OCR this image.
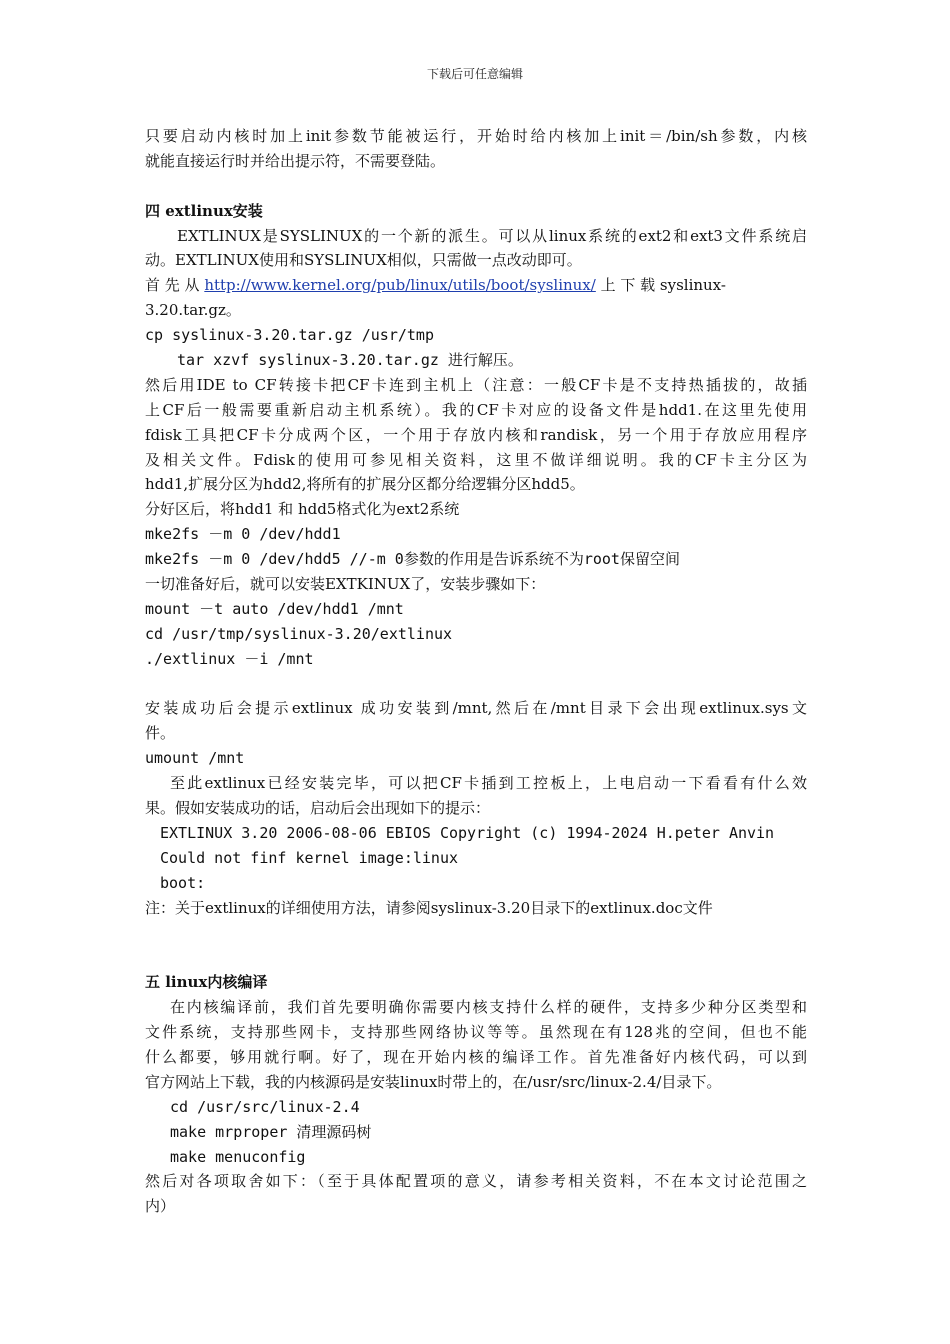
下载后可任意编辑
只要启动内核时加上init参数节能被运行，开始时给内核加上init＝/bin/sh参数，内核
就能直接运行时并给出提示符，不需要登陆。
四 extlinux安装
EXTLINUX是SYSLINUX的一个新的派生。可以从linux系统的ext2和ext3文件系统启
动。EXTLINUX使用和SYSLINUX相似，只需做一点改动即可。
首 先 从 http://www.kernel.org/pub/linux/utils/boot/syslinux/ 上 下 载 syslinux-
3.20.tar.gz。
cp syslinux-3.20.tar.gz /usr/tmp
tar xzvf syslinux-3.20.tar.gz 进行解压。
然后用IDE to CF转接卡把CF卡连到主机上（注意：一般CF卡是不支持热插拔的，故插
上CF后一般需要重新启动主机系统）。我的CF卡对应的设备文件是hdd1.在这里先使用
fdisk工具把CF卡分成两个区，一个用于存放内核和randisk，另一个用于存放应用程序
及相关文件。Fdisk的使用可参见相关资料，这里不做详细说明。我的CF卡主分区为
hdd1,扩展分区为hdd2,将所有的扩展分区都分给逻辑分区hdd5。
分好区后，将hdd1 和 hdd5格式化为ext2系统
mke2fs －m 0 /dev/hdd1
mke2fs －m 0 /dev/hdd5 //-m 0参数的作用是告诉系统不为root保留空间
一切准备好后，就可以安装EXTKINUX了，安装步骤如下：
mount －t auto /dev/hdd1 /mnt
cd /usr/tmp/syslinux-3.20/extlinux
./extlinux －i /mnt
安装成功后会提示extlinux 成功安装到/mnt,然后在/mnt目录下会出现extlinux.sys文
件。
umount /mnt
至此extlinux已经安装完毕，可以把CF卡插到工控板上，上电启动一下看看有什么效
果。假如安装成功的话，启动后会出现如下的提示：
EXTLINUX 3.20 2006-08-06 EBIOS Copyright (c) 1994-2024 H.peter Anvin
Could not finf kernel image:linux
boot:
注：关于extlinux的详细使用方法，请参阅syslinux-3.20目录下的extlinux.doc文件
五 linux内核编译
在内核编译前，我们首先要明确你需要内核支持什么样的硬件，支持多少种分区类型和
文件系统，支持那些网卡，支持那些网络协议等等。虽然现在有128兆的空间，但也不能
什么都要，够用就行啊。好了，现在开始内核的编译工作。首先准备好内核代码，可以到
官方网站上下载，我的内核源码是安装linux时带上的，在/usr/src/linux-2.4/目录下。
cd /usr/src/linux-2.4
make mrproper 清理源码树
make menuconfig
然后对各项取舍如下：（至于具体配置项的意义，请参考相关资料，不在本文讨论范围之
内）
